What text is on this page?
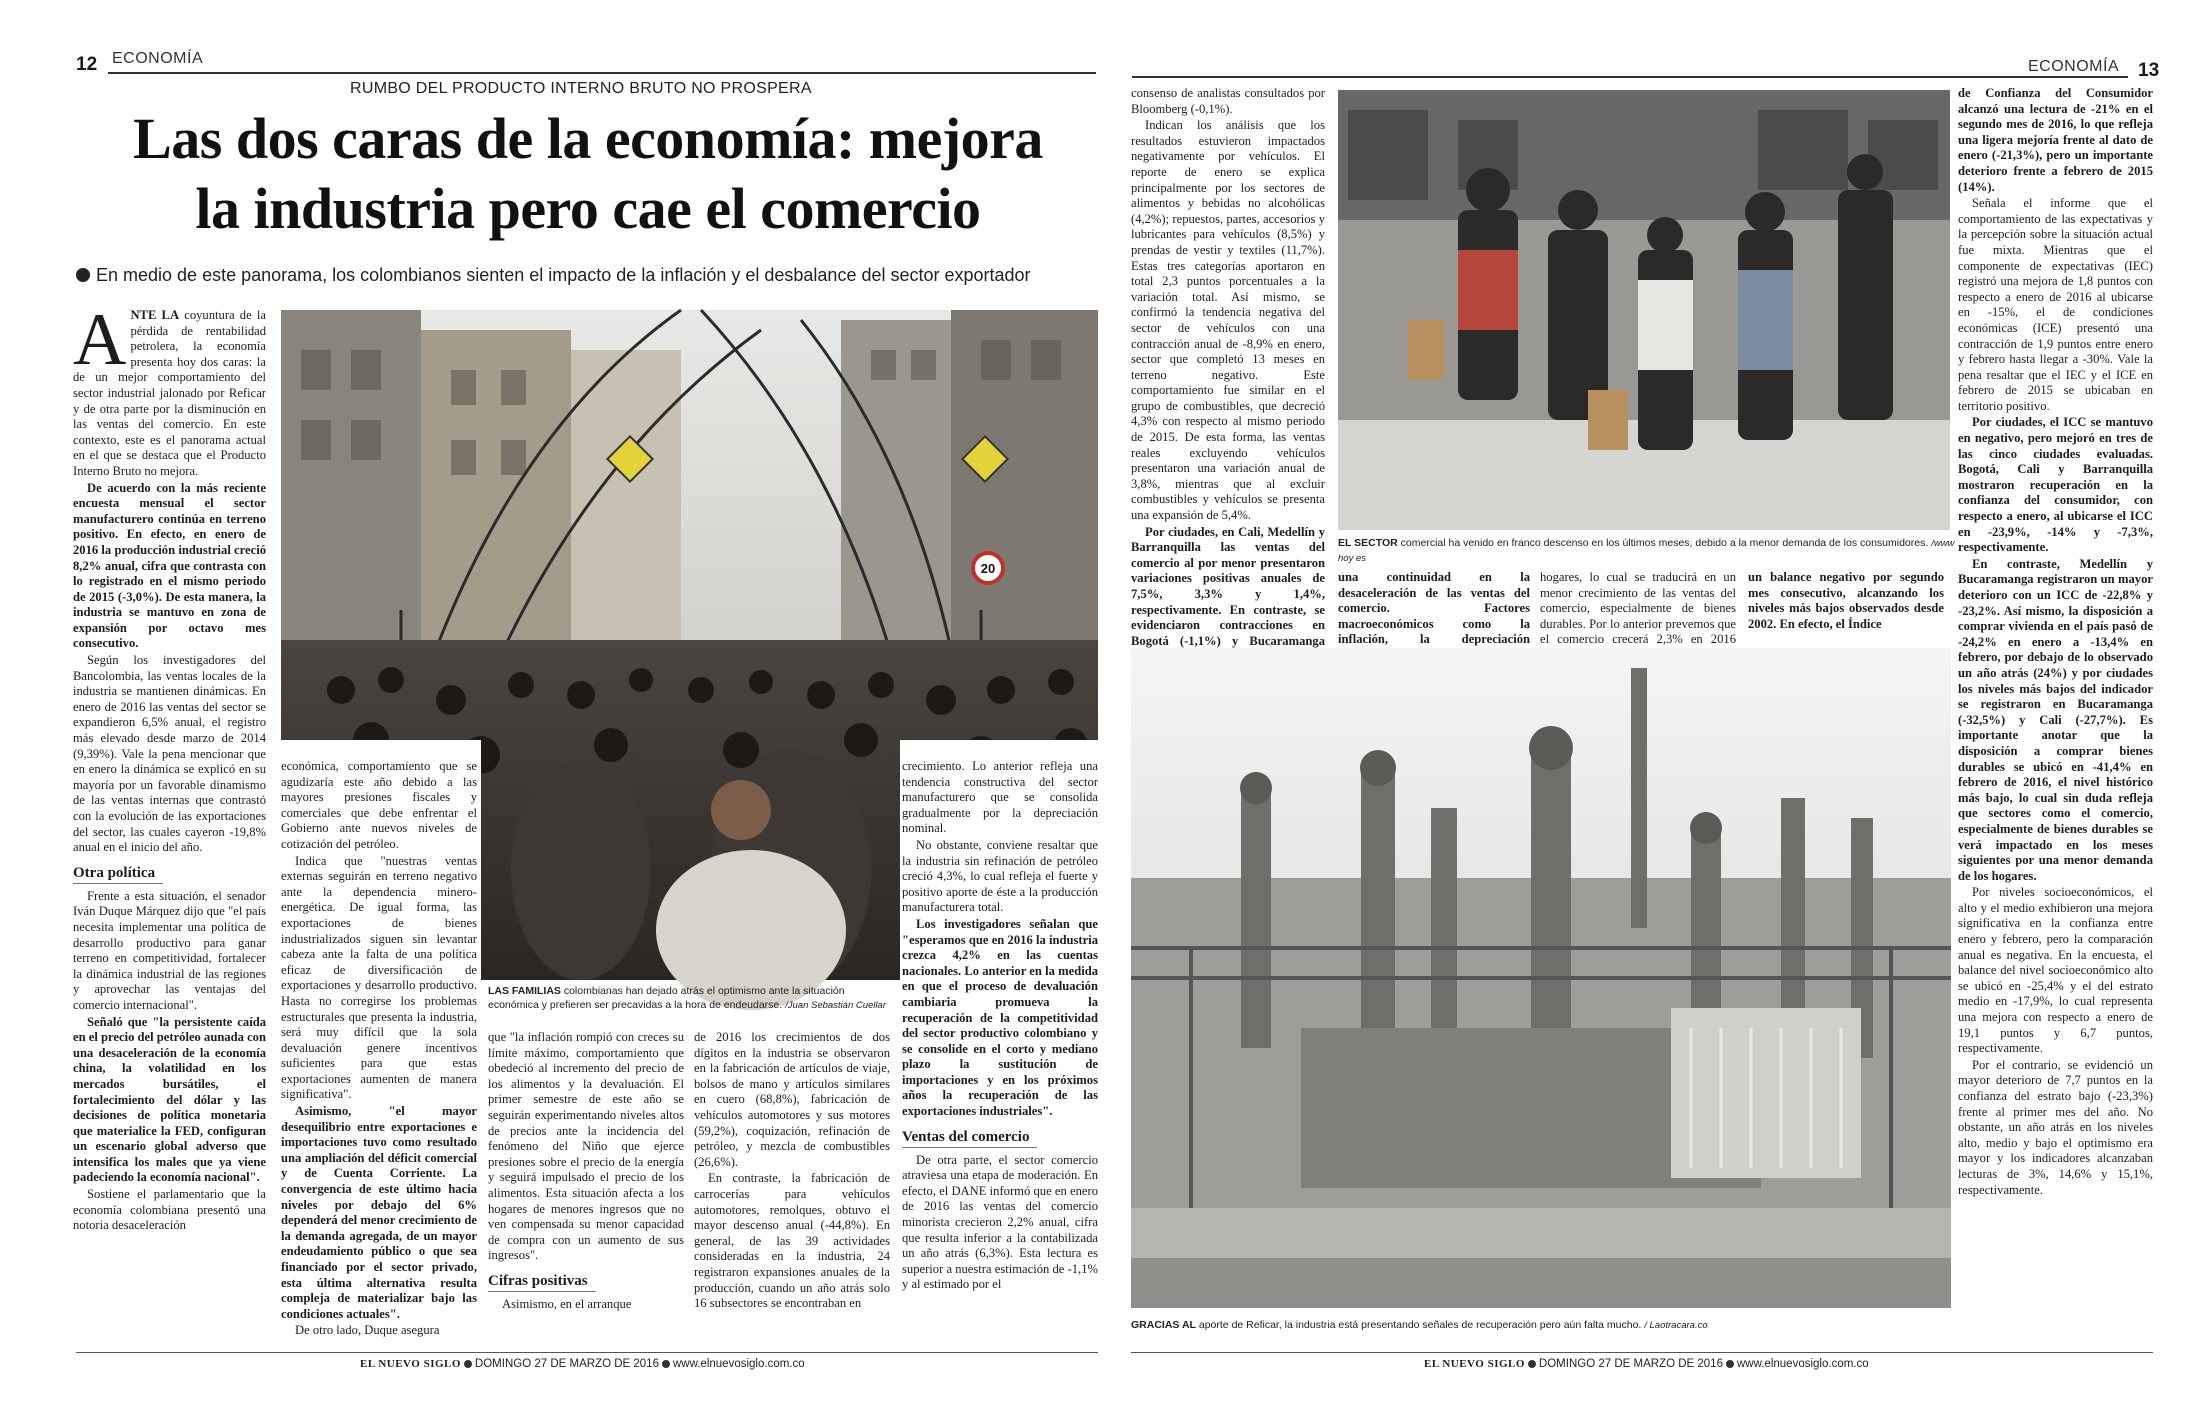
12 ECONOMÍA	ECONOMÍA 13
RUMBO DEL PRODUCTO INTERNO BRUTO NO PROSPERA
Las dos caras de la economía: mejora
la industria pero cae el comercio
En medio de este panorama, los colombianos sienten el impacto de la inflación y el desbalance del sector exportador

ANTE LA coyuntura de la pérdida de rentabilidad petrolera, la economía presenta hoy dos caras: la de un mejor comportamiento del sector industrial jalonado por Reficar y de otra parte por la disminución en las ventas del comercio. En este contexto, este es el panorama actual en el que se destaca que el Producto Interno Bruto no mejora.

De acuerdo con la más reciente encuesta mensual el sector manufacturero continúa en terreno positivo. En efecto, en enero de 2016 la producción industrial creció 8,2% anual, cifra que contrasta con lo registrado en el mismo periodo de 2015 (-3,0%). De esta manera, la industria se mantuvo en zona de expansión por octavo mes consecutivo.

Según los investigadores del Bancolombia, las ventas locales de la industria se mantienen dinámicas. En enero de 2016 las ventas del sector se expandieron 6,5% anual, el registro más elevado desde marzo de 2014 (9,39%). Vale la pena mencionar que en enero la dinámica se explicó en su mayoría por un favorable dinamismo de las ventas internas que contrastó con la evolución de las exportaciones del sector, las cuales cayeron -19,8% anual en el inicio del año.

Otra política

Frente a esta situación, el senador Iván Duque Márquez dijo que "el país necesita implementar una política de desarrollo productivo para ganar terreno en competitividad, fortalecer la dinámica industrial de las regiones y aprovechar las ventajas del comercio internacional".

Señaló que "la persistente caída en el precio del petróleo aunada con una desaceleración de la economía china, la volatilidad en los mercados bursátiles, el fortalecimiento del dólar y las decisiones de política monetaria que materialice la FED, configuran un escenario global adverso que intensifica los males que ya viene padeciendo la economía nacional".

Sostiene el parlamentario que la economía colombiana presentó una notoria desaceleración

20

económica, comportamiento que se agudizaría este año debido a las mayores presiones fiscales y comerciales que debe enfrentar el Gobierno ante nuevos niveles de cotización del petróleo.

Indica que "nuestras ventas externas seguirán en terreno negativo ante la dependencia minero-energética. De igual forma, las exportaciones de bienes industrializados siguen sin levantar cabeza ante la falta de una política eficaz de diversificación de exportaciones y desarrollo productivo. Hasta no corregirse los problemas estructurales que presenta la industria, será muy difícil que la sola devaluación genere incentivos suficientes para que estas exportaciones aumenten de manera significativa".

Asimismo, "el mayor desequilibrio entre exportaciones e importaciones tuvo como resultado una ampliación del déficit comercial y de Cuenta Corriente. La convergencia de este último hacia niveles por debajo del 6% dependerá del menor crecimiento de la demanda agregada, de un mayor endeudamiento público o que sea financiado por el sector privado, esta última alternativa resulta compleja de materializar bajo las condiciones actuales".

De otro lado, Duque asegura

LAS FAMILIAS colombianas han dejado atrás el optimismo ante la situación económica y prefieren ser precavidas a la hora de endeudarse. /Juan Sebastián Cuellar

que "la inflación rompió con creces su límite máximo, comportamiento que obedeció al incremento del precio de los alimentos y la devaluación. El primer semestre de este año se seguirán experimentando niveles altos de precios ante la incidencia del fenómeno del Niño que ejerce presiones sobre el precio de la energía y seguirá impulsado el precio de los alimentos. Esta situación afecta a los hogares de menores ingresos que no ven compensada su menor capacidad de compra con un aumento de sus ingresos".

Cifras positivas

Asimismo, en el arranque

de 2016 los crecimientos de dos dígitos en la industria se observaron en la fabricación de artículos de viaje, bolsos de mano y artículos similares en cuero (68,8%), fabricación de vehículos automotores y sus motores (59,2%), coquización, refinación de petróleo, y mezcla de combustibles (26,6%).

En contraste, la fabricación de carrocerías para vehículos automotores, remolques, obtuvo el mayor descenso anual (-44,8%). En general, de las 39 actividades consideradas en la industria, 24 registraron expansiones anuales de la producción, cuando un año atrás solo 16 subsectores se encontraban en

crecimiento. Lo anterior refleja una tendencia constructiva del sector manufacturero que se consolida gradualmente por la depreciación nominal.

No obstante, conviene resaltar que la industria sin refinación de petróleo creció 4,3%, lo cual refleja el fuerte y positivo aporte de éste a la producción manufacturera total.

Los investigadores señalan que "esperamos que en 2016 la industria crezca 4,2% en las cuentas nacionales. Lo anterior en la medida en que el proceso de devaluación cambiaria promueva la recuperación de la competitividad del sector productivo colombiano y se consolide en el corto y mediano plazo la sustitución de importaciones y en los próximos años la recuperación de las exportaciones industriales".

Ventas del comercio

De otra parte, el sector comercio atraviesa una etapa de moderación. En efecto, el DANE informó que en enero de 2016 las ventas del comercio minorista crecieron 2,2% anual, cifra que resulta inferior a la contabilizada un año atrás (6,3%). Esta lectura es superior a nuestra estimación de -1,1% y al estimado por el

consenso de analistas consultados por Bloomberg (-0,1%).

Indican los análisis que los resultados estuvieron impactados negativamente por vehículos. El reporte de enero se explica principalmente por los sectores de alimentos y bebidas no alcohólicas (4,2%); repuestos, partes, accesorios y lubricantes para vehículos (8,5%) y prendas de vestir y textiles (11,7%). Estas tres categorías aportaron en total 2,3 puntos porcentuales a la variación total. Así mismo, se confirmó la tendencia negativa del sector de vehículos con una contracción anual de -8,9% en enero, sector que completó 13 meses en terreno negativo. Este comportamiento fue similar en el grupo de combustibles, que decreció 4,3% con respecto al mismo periodo de 2015. De esta forma, las ventas reales excluyendo vehículos presentaron una variación anual de 3,8%, mientras que al excluir combustibles y vehículos se presenta una expansión de 5,4%.

Por ciudades, en Cali, Medellín y Barranquilla las ventas del comercio al por menor presentaron variaciones positivas anuales de 7,5%, 3,3% y 1,4%, respectivamente. En contraste, se evidenciaron contracciones en Bogotá (-1,1%) y Bucaramanga

EL SECTOR comercial ha venido en franco descenso en los últimos meses, debido a la menor demanda de los consumidores. /www hoy es

una continuidad en la desaceleración de las ventas del comercio. Factores macroeconómicos como la inflación, la depreciación

hogares, lo cual se traducirá en un menor crecimiento de las ventas del comercio, especialmente de bienes durables. Por lo anterior prevemos que el comercio crecerá 2,3% en 2016

un balance negativo por segundo mes consecutivo, alcanzando los niveles más bajos observados desde 2002. En efecto, el Índice

GRACIAS AL aporte de Reficar, la industria está presentando señales de recuperación pero aún falta mucho. / Laotracara.co

de Confianza del Consumidor alcanzó una lectura de -21% en el segundo mes de 2016, lo que refleja una ligera mejoría frente al dato de enero (-21,3%), pero un importante deterioro frente a febrero de 2015 (14%).

Señala el informe que el comportamiento de las expectativas y la percepción sobre la situación actual fue mixta. Mientras que el componente de expectativas (IEC) registró una mejora de 1,8 puntos con respecto a enero de 2016 al ubicarse en -15%, el de condiciones económicas (ICE) presentó una contracción de 1,9 puntos entre enero y febrero hasta llegar a -30%. Vale la pena resaltar que el IEC y el ICE en febrero de 2015 se ubicaban en territorio positivo.

Por ciudades, el ICC se mantuvo en negativo, pero mejoró en tres de las cinco ciudades evaluadas. Bogotá, Cali y Barranquilla mostraron recuperación en la confianza del consumidor, con respecto a enero, al ubicarse el ICC en -23,9%, -14% y -7,3%, respectivamente.

En contraste, Medellín y Bucaramanga registraron un mayor deterioro con un ICC de -22,8% y -23,2%. Así mismo, la disposición a comprar vivienda en el país pasó de -24,2% en enero a -13,4% en febrero, por debajo de lo observado un año atrás (24%) y por ciudades los niveles más bajos del indicador se registraron en Bucaramanga (-32,5%) y Cali (-27,7%). Es importante anotar que la disposición a comprar bienes durables se ubicó en -41,4% en febrero de 2016, el nivel histórico más bajo, lo cual sin duda refleja que sectores como el comercio, especialmente de bienes durables se verá impactado en los meses siguientes por una menor demanda de los hogares.

Por niveles socioeconómicos, el alto y el medio exhibieron una mejora significativa en la confianza entre enero y febrero, pero la comparación anual es negativa. En la encuesta, el balance del nivel socioeconómico alto se ubicó en -25,4% y el del estrato medio en -17,9%, lo cual representa una mejora con respecto a enero de 19,1 puntos y 6,7 puntos, respectivamente.

Por el contrario, se evidenció un mayor deterioro de 7,7 puntos en la confianza del estrato bajo (-23,3%) frente al primer mes del año. No obstante, un año atrás en los niveles alto, medio y bajo el optimismo era mayor y los indicadores alcanzaban lecturas de 3%, 14,6% y 15,1%, respectivamente.

EL NUEVO SIGLO DOMINGO 27 DE MARZO DE 2016 www.elnuevosiglo.com.co	EL NUEVO SIGLO DOMINGO 27 DE MARZO DE 2016 www.elnuevosiglo.com.co
